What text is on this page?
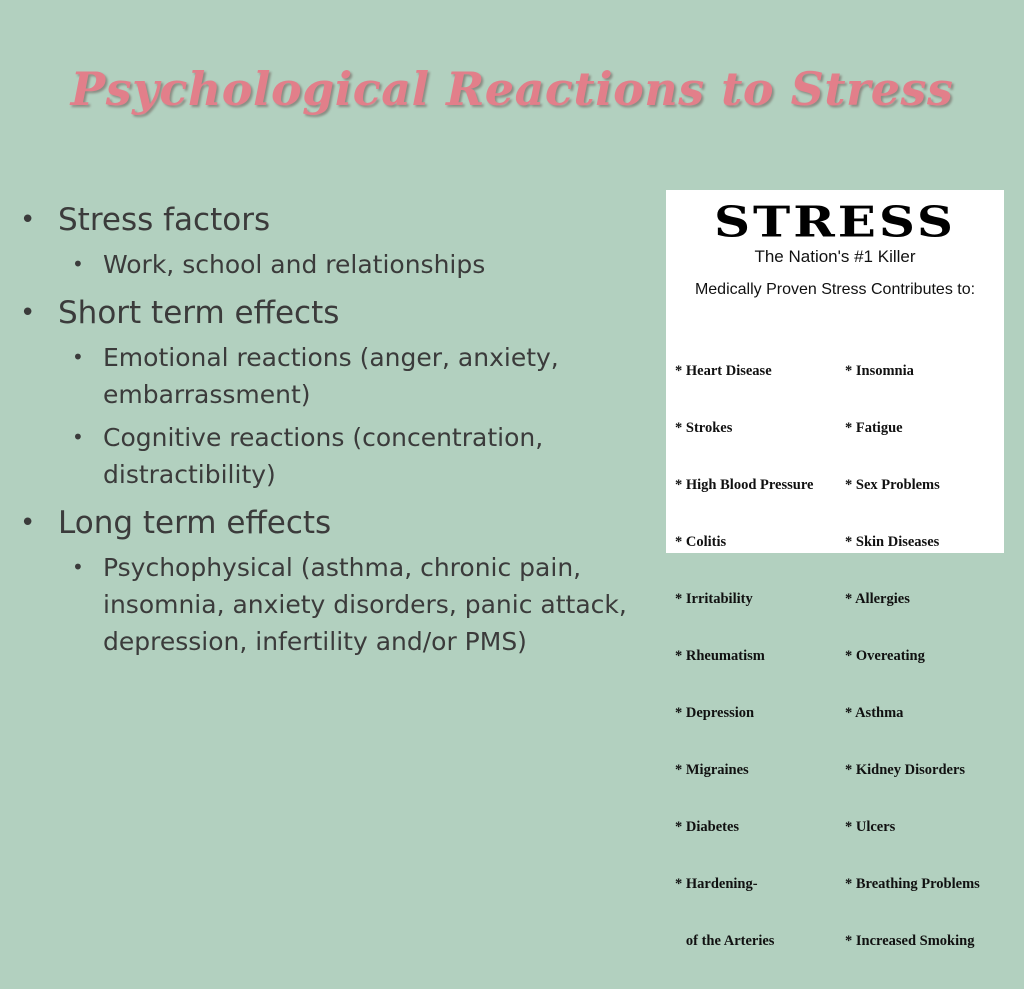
Psychological Reactions to Stress

• Stress factors

• Work, school and relationships

• Short term effects

• Emotional reactions (anger, anxiety, embarrassment)

• Cognitive reactions (concentration, distractibility)

• Long term effects

• Psychophysical (asthma, chronic pain, insomnia, anxiety disorders, panic attack, depression, infertility and/or PMS)

STRESS
The Nation's #1 Killer
Medically Proven Stress Contributes to:

* Heart Disease

* Strokes

* High Blood Pressure

* Colitis

* Irritability

* Rheumatism

* Depression

* Migraines

* Diabetes

* Hardening-

of the Arteries

* Insomnia

* Fatigue

* Sex Problems

* Skin Diseases

* Allergies

* Overeating

* Asthma

* Kidney Disorders

* Ulcers

* Breathing Problems

* Increased Smoking
